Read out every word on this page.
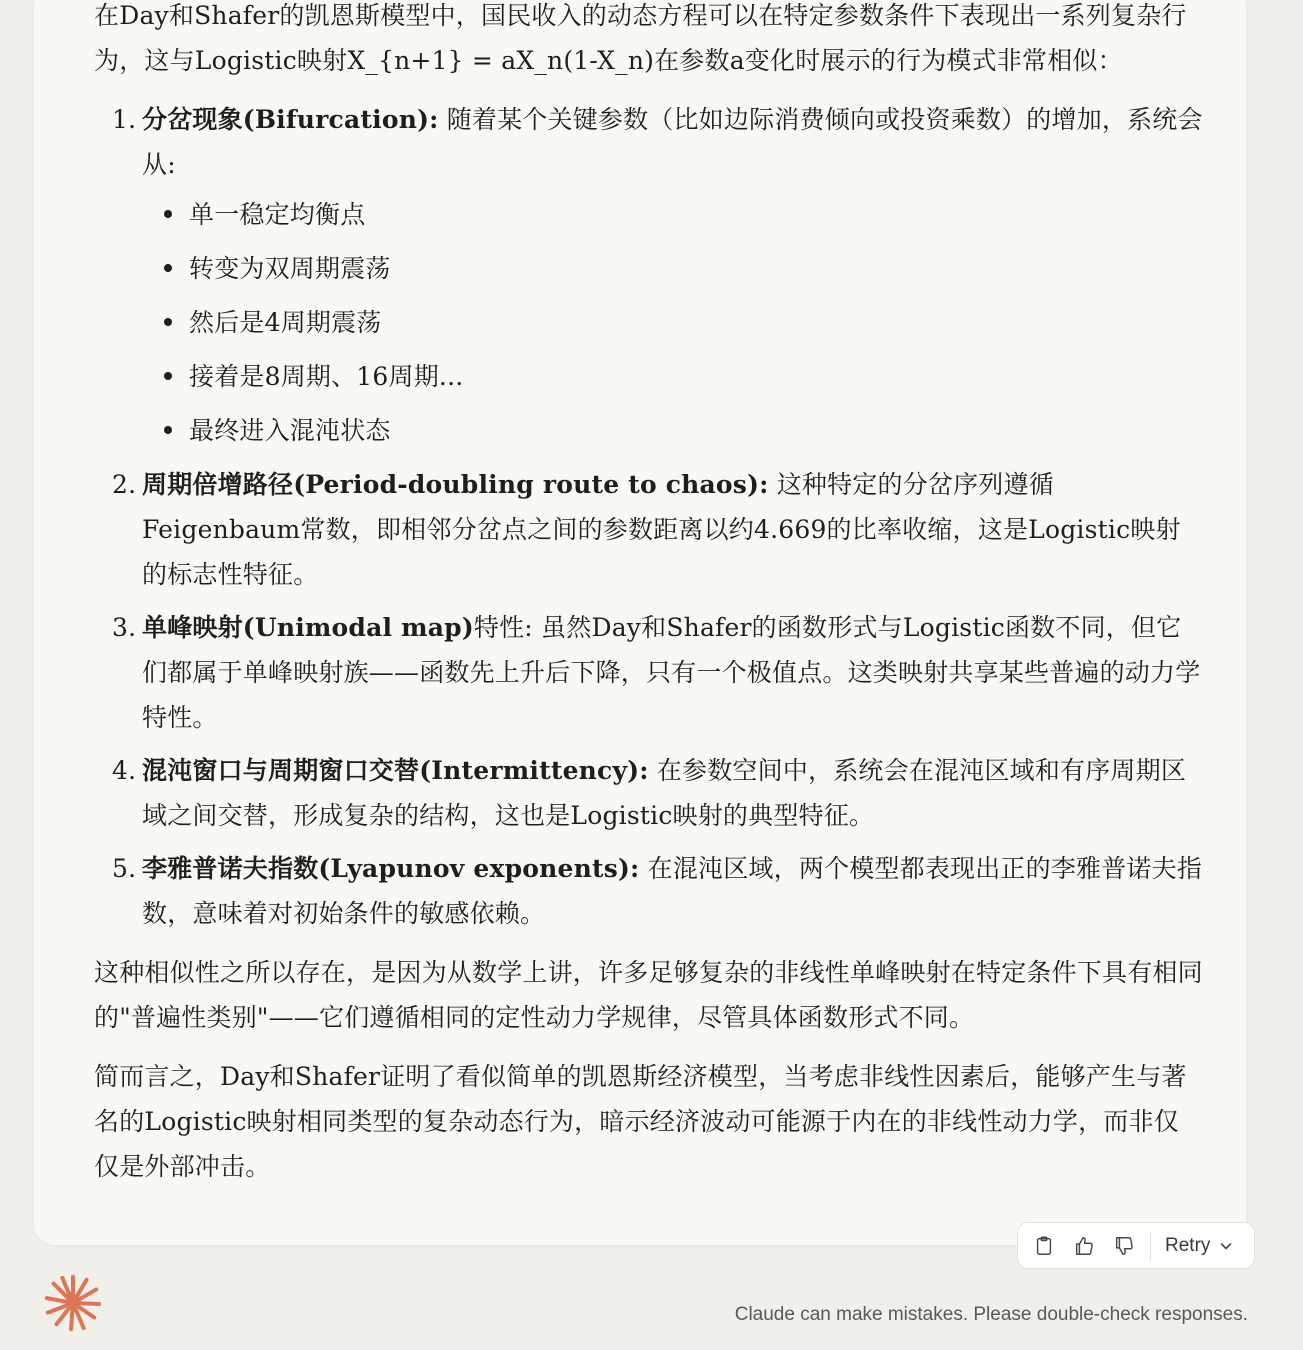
在Day和Shafer的凯恩斯模型中，国民收入的动态方程可以在特定参数条件下表现出一系列复杂行为，这与Logistic映射X_{n+1} = aX_n(1-X_n)在参数a变化时展示的行为模式非常相似：

1. 分岔现象(Bifurcation): 随着某个关键参数（比如边际消费倾向或投资乘数）的增加，系统会从:
单一稳定均衡点
转变为双周期震荡
然后是4周期震荡
接着是8周期、16周期...
最终进入混沌状态
2. 周期倍增路径(Period-doubling route to chaos): 这种特定的分岔序列遵循Feigenbaum常数，即相邻分岔点之间的参数距离以约4.669的比率收缩，这是Logistic映射的标志性特征。
3. 单峰映射(Unimodal map)特性: 虽然Day和Shafer的函数形式与Logistic函数不同，但它们都属于单峰映射族——函数先上升后下降，只有一个极值点。这类映射共享某些普遍的动力学特性。
4. 混沌窗口与周期窗口交替(Intermittency): 在参数空间中，系统会在混沌区域和有序周期区域之间交替，形成复杂的结构，这也是Logistic映射的典型特征。
5. 李雅普诺夫指数(Lyapunov exponents): 在混沌区域，两个模型都表现出正的李雅普诺夫指数，意味着对初始条件的敏感依赖。

这种相似性之所以存在，是因为从数学上讲，许多足够复杂的非线性单峰映射在特定条件下具有相同的"普遍性类别"——它们遵循相同的定性动力学规律，尽管具体函数形式不同。

简而言之，Day和Shafer证明了看似简单的凯恩斯经济模型，当考虑非线性因素后，能够产生与著名的Logistic映射相同类型的复杂动态行为，暗示经济波动可能源于内在的非线性动力学，而非仅仅是外部冲击。

Retry
Claude can make mistakes. Please double-check responses.
